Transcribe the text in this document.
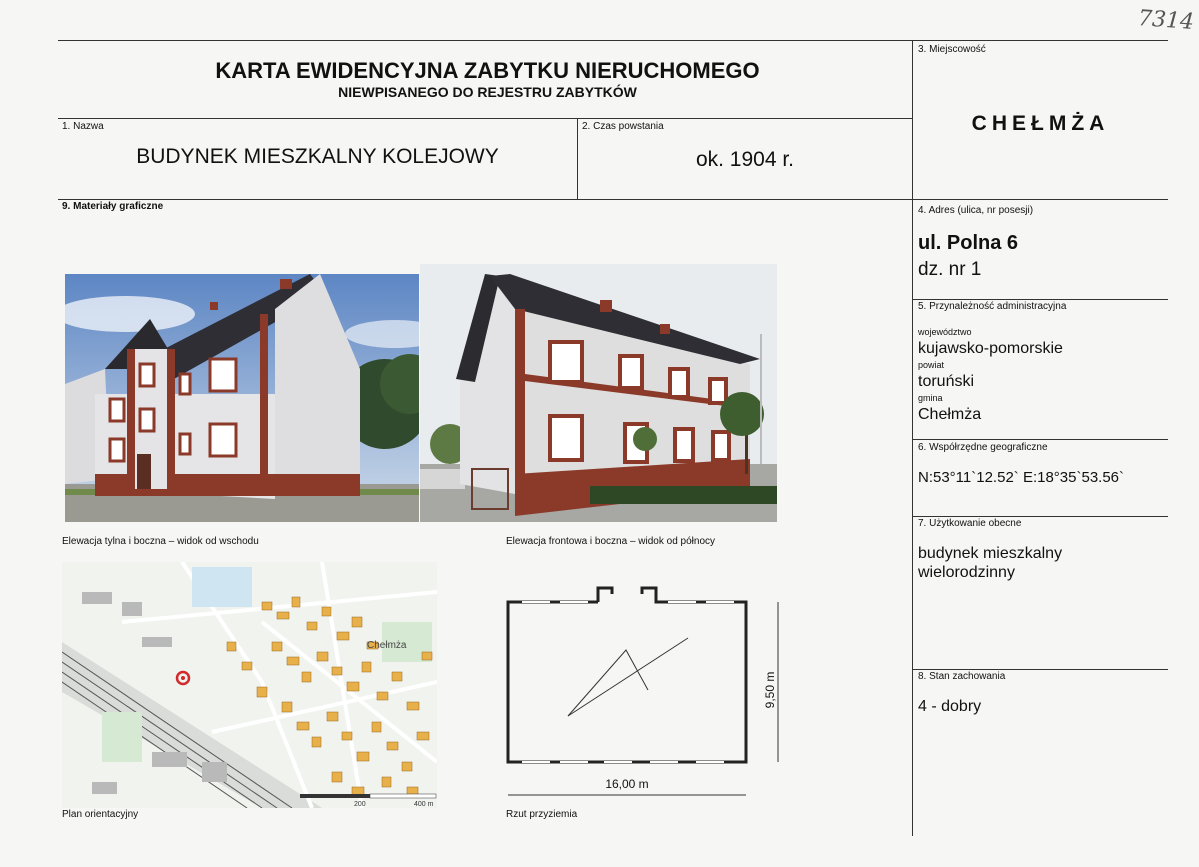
7314
KARTA EWIDENCYJNA ZABYTKU NIERUCHOMEGO
NIEWPISANEGO DO REJESTRU ZABYTKÓW
1. Nazwa
BUDYNEK MIESZKALNY KOLEJOWY
2. Czas powstania
ok. 1904 r.
3. Miejscowość
CHEŁMŻA
4. Adres (ulica, nr posesji)
ul. Polna 6
dz. nr 1
5. Przynależność administracyjna
województwo
kujawsko-pomorskie
powiat
toruński
gmina
Chełmża
6. Współrzędne geograficzne
N:53°11`12.52` E:18°35`53.56`
7. Użytkowanie obecne
budynek mieszkalny
wielorodzinny
8. Stan zachowania
4 - dobry
9. Materiały graficzne
Elewacja tylna i boczna – widok od wschodu	Elewacja frontowa i boczna – widok od północy
Chełmża
200	400 m
Plan orientacyjny
16,00 m
9,50 m
Rzut przyziemia
